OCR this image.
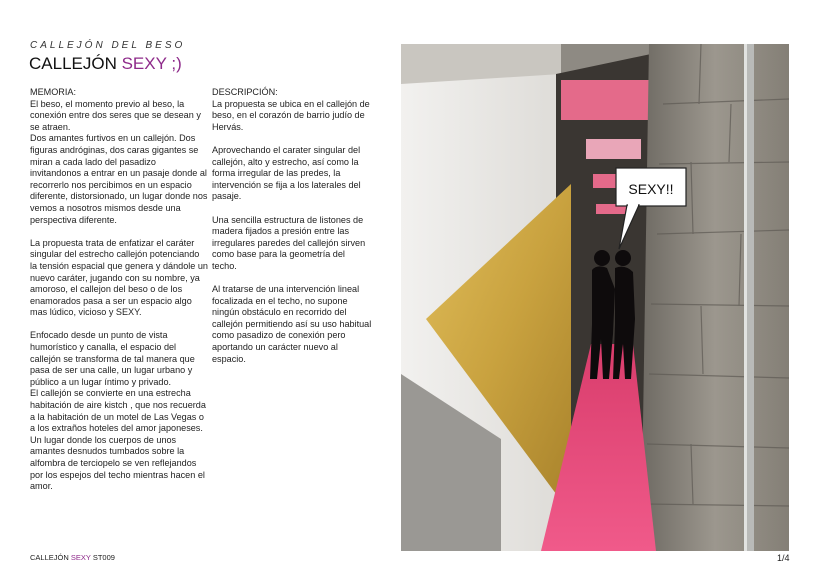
CALLEJÓN DEL BESO
CALLEJÓN SEXY ;)
MEMORIA:

El beso, el momento previo al beso, la conexión entre dos seres que se desean y se atraen.
Dos amantes furtivos en un callejón. Dos figuras andróginas, dos caras gigantes se miran a cada lado del pasadizo invitandonos a entrar en un pasaje donde al recorrerlo nos percibimos en un espacio diferente, distorsionado, un lugar donde nos vemos a nosotros mismos desde una perspectiva diferente.

La propuesta trata de enfatizar el caráter singular del estrecho callejón potenciando la tensión espacial que genera y dándole un nuevo caráter, jugando con su nombre, ya amoroso, el callejon del beso o de los enamorados pasa a ser un espacio algo mas lúdico, vicioso y SEXY.

Enfocado desde un punto de vista humorístico y canalla, el espacio del callejón se transforma de tal manera que pasa de ser una calle, un lugar urbano y público a un lugar íntimo y privado.
El callejón se convierte en una estrecha habitación de aire kistch , que nos recuerda a la habitación de un motel de Las Vegas o a los extraños hoteles del amor japoneses. Un lugar donde los cuerpos de unos amantes desnudos tumbados sobre la alfombra de terciopelo se ven reflejandos por los espejos del techo mientras hacen el amor.

DESCRIPCIÓN:

La propuesta se ubica en el callejón de beso, en el corazón de barrio judío de Hervás.

Aprovechando el carater singular del callejón, alto y estrecho, así como la forma irregular de las predes, la intervención se fija a los laterales del pasaje.

Una sencilla estructura de listones de madera fijados a presión entre las irregulares paredes del callejón sirven como base para la geometría del techo.

Al tratarse de una intervención lineal focalizada en el techo, no supone ningún obstáculo en recorrido del callejón permitiendo así su uso habitual como pasadizo de conexión pero aportando un carácter nuevo al espacio.

SEXY!!
CALLEJÓN SEXY ST009	1/4
